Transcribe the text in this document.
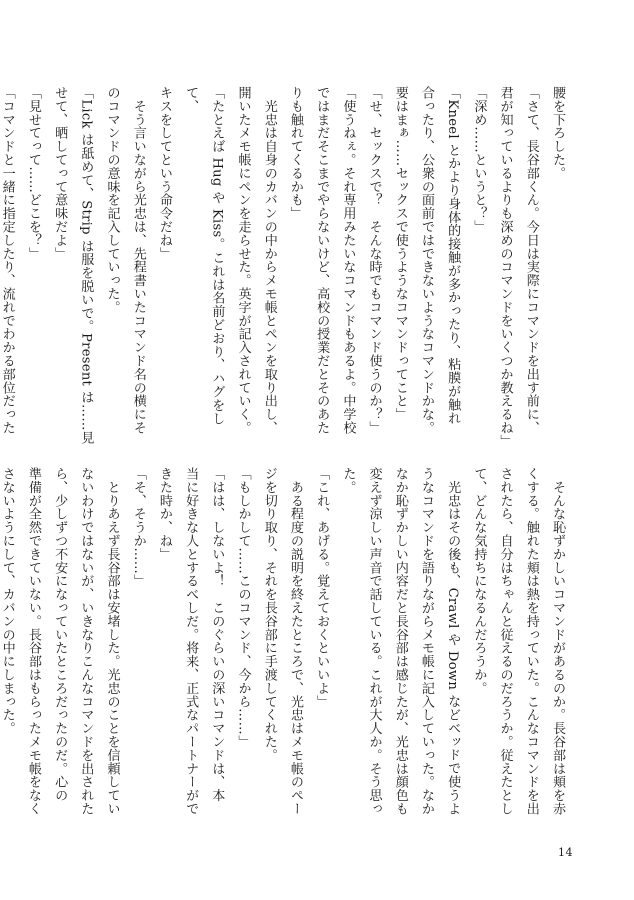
腰を下ろした。
「さて、長谷部くん。今日は実際にコマンドを出す前に、
君が知っているよりも深めのコマンドをいくつか教えるね」
「深め……というと？」
「Kneel とかより身体的接触が多かったり、粘膜が触れ
合ったり、公衆の面前ではできないようなコマンドかな。
要はまぁ……セックスで使うようなコマンドってこと」
「せ、セックスで？　そんな時でもコマンド使うのか？」
「使うねぇ。それ専用みたいなコマンドもあるよ。中学校
ではまだそこまでやらないけど、高校の授業だとそのあた
りも触れてくるかも」
　光忠は自身のカバンの中からメモ帳とペンを取り出し、
開いたメモ帳にペンを走らせた。英字が記入されていく。
「たとえば Hug や Kiss。これは名前どおり、ハグをして、
キスをしてという命令だね」
　そう言いながら光忠は、先程書いたコマンド名の横にそ
のコマンドの意味を記入していった。
「Lick は舐めて、Strip は服を脱いで。Present は……見
せて、晒してって意味だよ」
「見せてって……どこを？」
「コマンドと一緒に指定したり、流れでわかる部位だった
　そんな恥ずかしいコマンドがあるのか。長谷部は頬を赤
くする。触れた頬は熱を持っていた。こんなコマンドを出
されたら、自分はちゃんと従えるのだろうか。従えたとし
て、どんな気持ちになるんだろうか。
　光忠はその後も、Crawl や Down などベッドで使うよ
うなコマンドを語りながらメモ帳に記入していった。なか
なか恥ずかしい内容だと長谷部は感じたが、光忠は顔色も
変えず涼しい声音で話している。これが大人か。そう思っ
た。
「これ、あげる。覚えておくといいよ」
　ある程度の説明を終えたところで、光忠はメモ帳のペー
ジを切り取り、それを長谷部に手渡してくれた。
「もしかして……このコマンド、今から……」
「はは、しないよ！　このぐらいの深いコマンドは、本
当に好きな人とするべしだ。将来、正式なパートナーがで
きた時か、ね」
「そ、そうか……」
　とりあえず長谷部は安堵した。光忠のことを信頼してい
ないわけではないが、いきなりこんなコマンドを出された
ら、少しずつ不安になっていたところだったのだ。心の
準備が全然できていない。長谷部はもらったメモ帳をなく
さないようにして、カバンの中にしまった。
14
